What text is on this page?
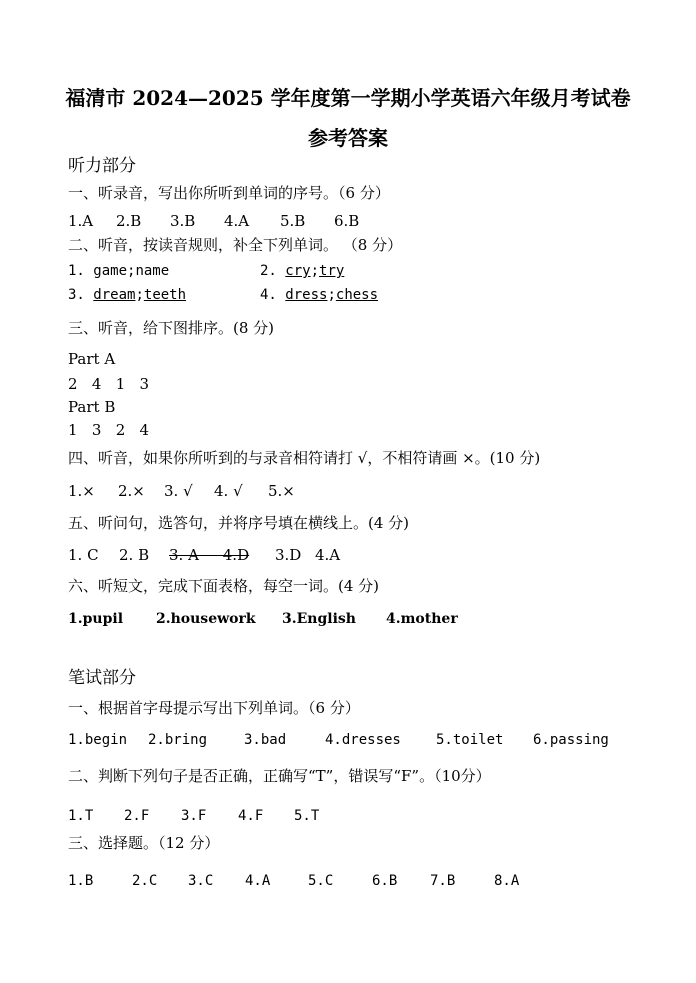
福清市 2024—2025 学年度第一学期小学英语六年级月考试卷
参考答案
听力部分
一、听录音，写出你所听到单词的序号。（6 分）
1.A 2.B 3.B 4.A 5.B 6.B
二、听音，按读音规则，补全下列单词。 （8 分）
1. game;name	2. cry;try
3. dream;teeth	4. dress;chess
三、听音，给下图排序。(8 分)
Part A
2   4   1   3
Part B
1   3   2   4
四、听音，如果你所听到的与录音相符请打 √，不相符请画 ×。(10 分)
1.× 2.× 3. √ 4. √ 5.×
五、听问句，选答句，并将序号填在横线上。(4 分)
1. C 2. B 3. A     4.D 3.D 4.A
六、听短文，完成下面表格，每空一词。(4 分)
1.pupil 2.housework 3.English 4.mother
笔试部分
一、根据首字母提示写出下列单词。（6 分）
1.begin 2.bring	3.bad	4.dresses	5.toilet 6.passing
二、判断下列句子是否正确，正确写“T”，错误写“F”。（10分）
1.T 2.F 3.F 4.F 5.T
三、选择题。（12 分）
1.B	2.C 3.C 4.A	5.C	6.B 7.B	8.A
